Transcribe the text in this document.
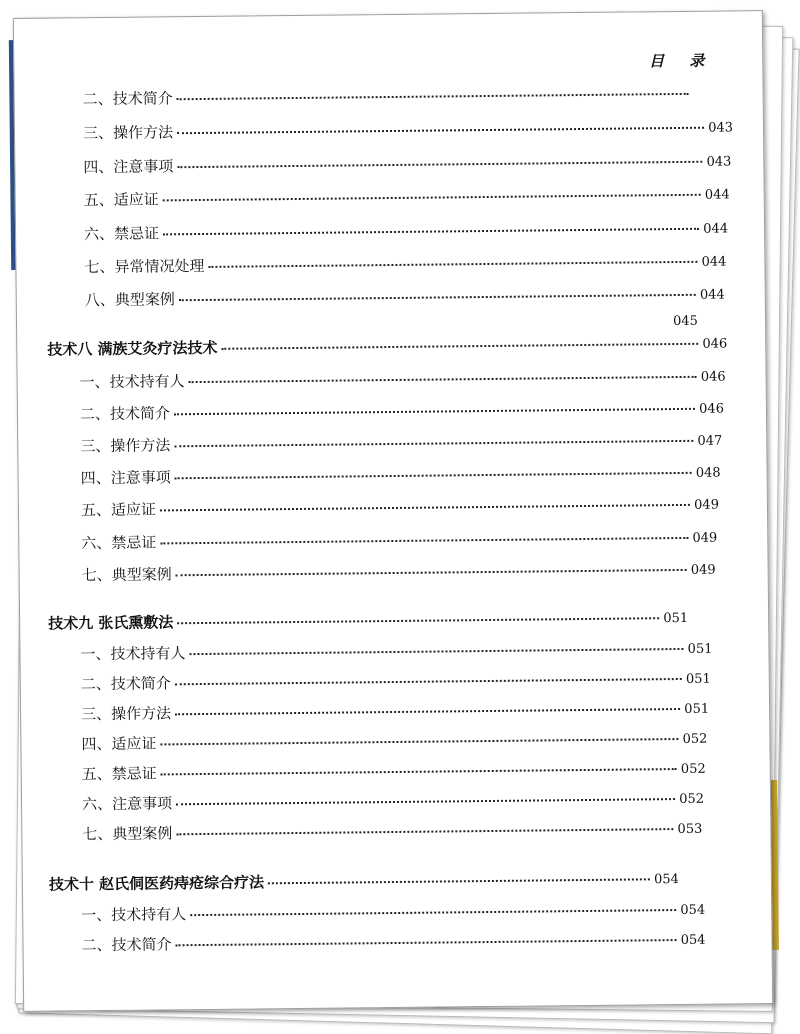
目 录
二、技术简介
三、操作方法	043
四、注意事项	043
五、适应证	044
六、禁忌证	044
七、异常情况处理	044
八、典型案例	044
045
技术八 满族艾灸疗法技术	046
一、技术持有人	046
二、技术简介	046
三、操作方法	047
四、注意事项	048
五、适应证	049
六、禁忌证	049
七、典型案例	049
技术九 张氏熏敷法	051
一、技术持有人	051
二、技术简介	051
三、操作方法	051
四、适应证	052
五、禁忌证	052
六、注意事项	052
七、典型案例	053
技术十 赵氏侗医药痔疮综合疗法	054
一、技术持有人	054
二、技术简介	054
